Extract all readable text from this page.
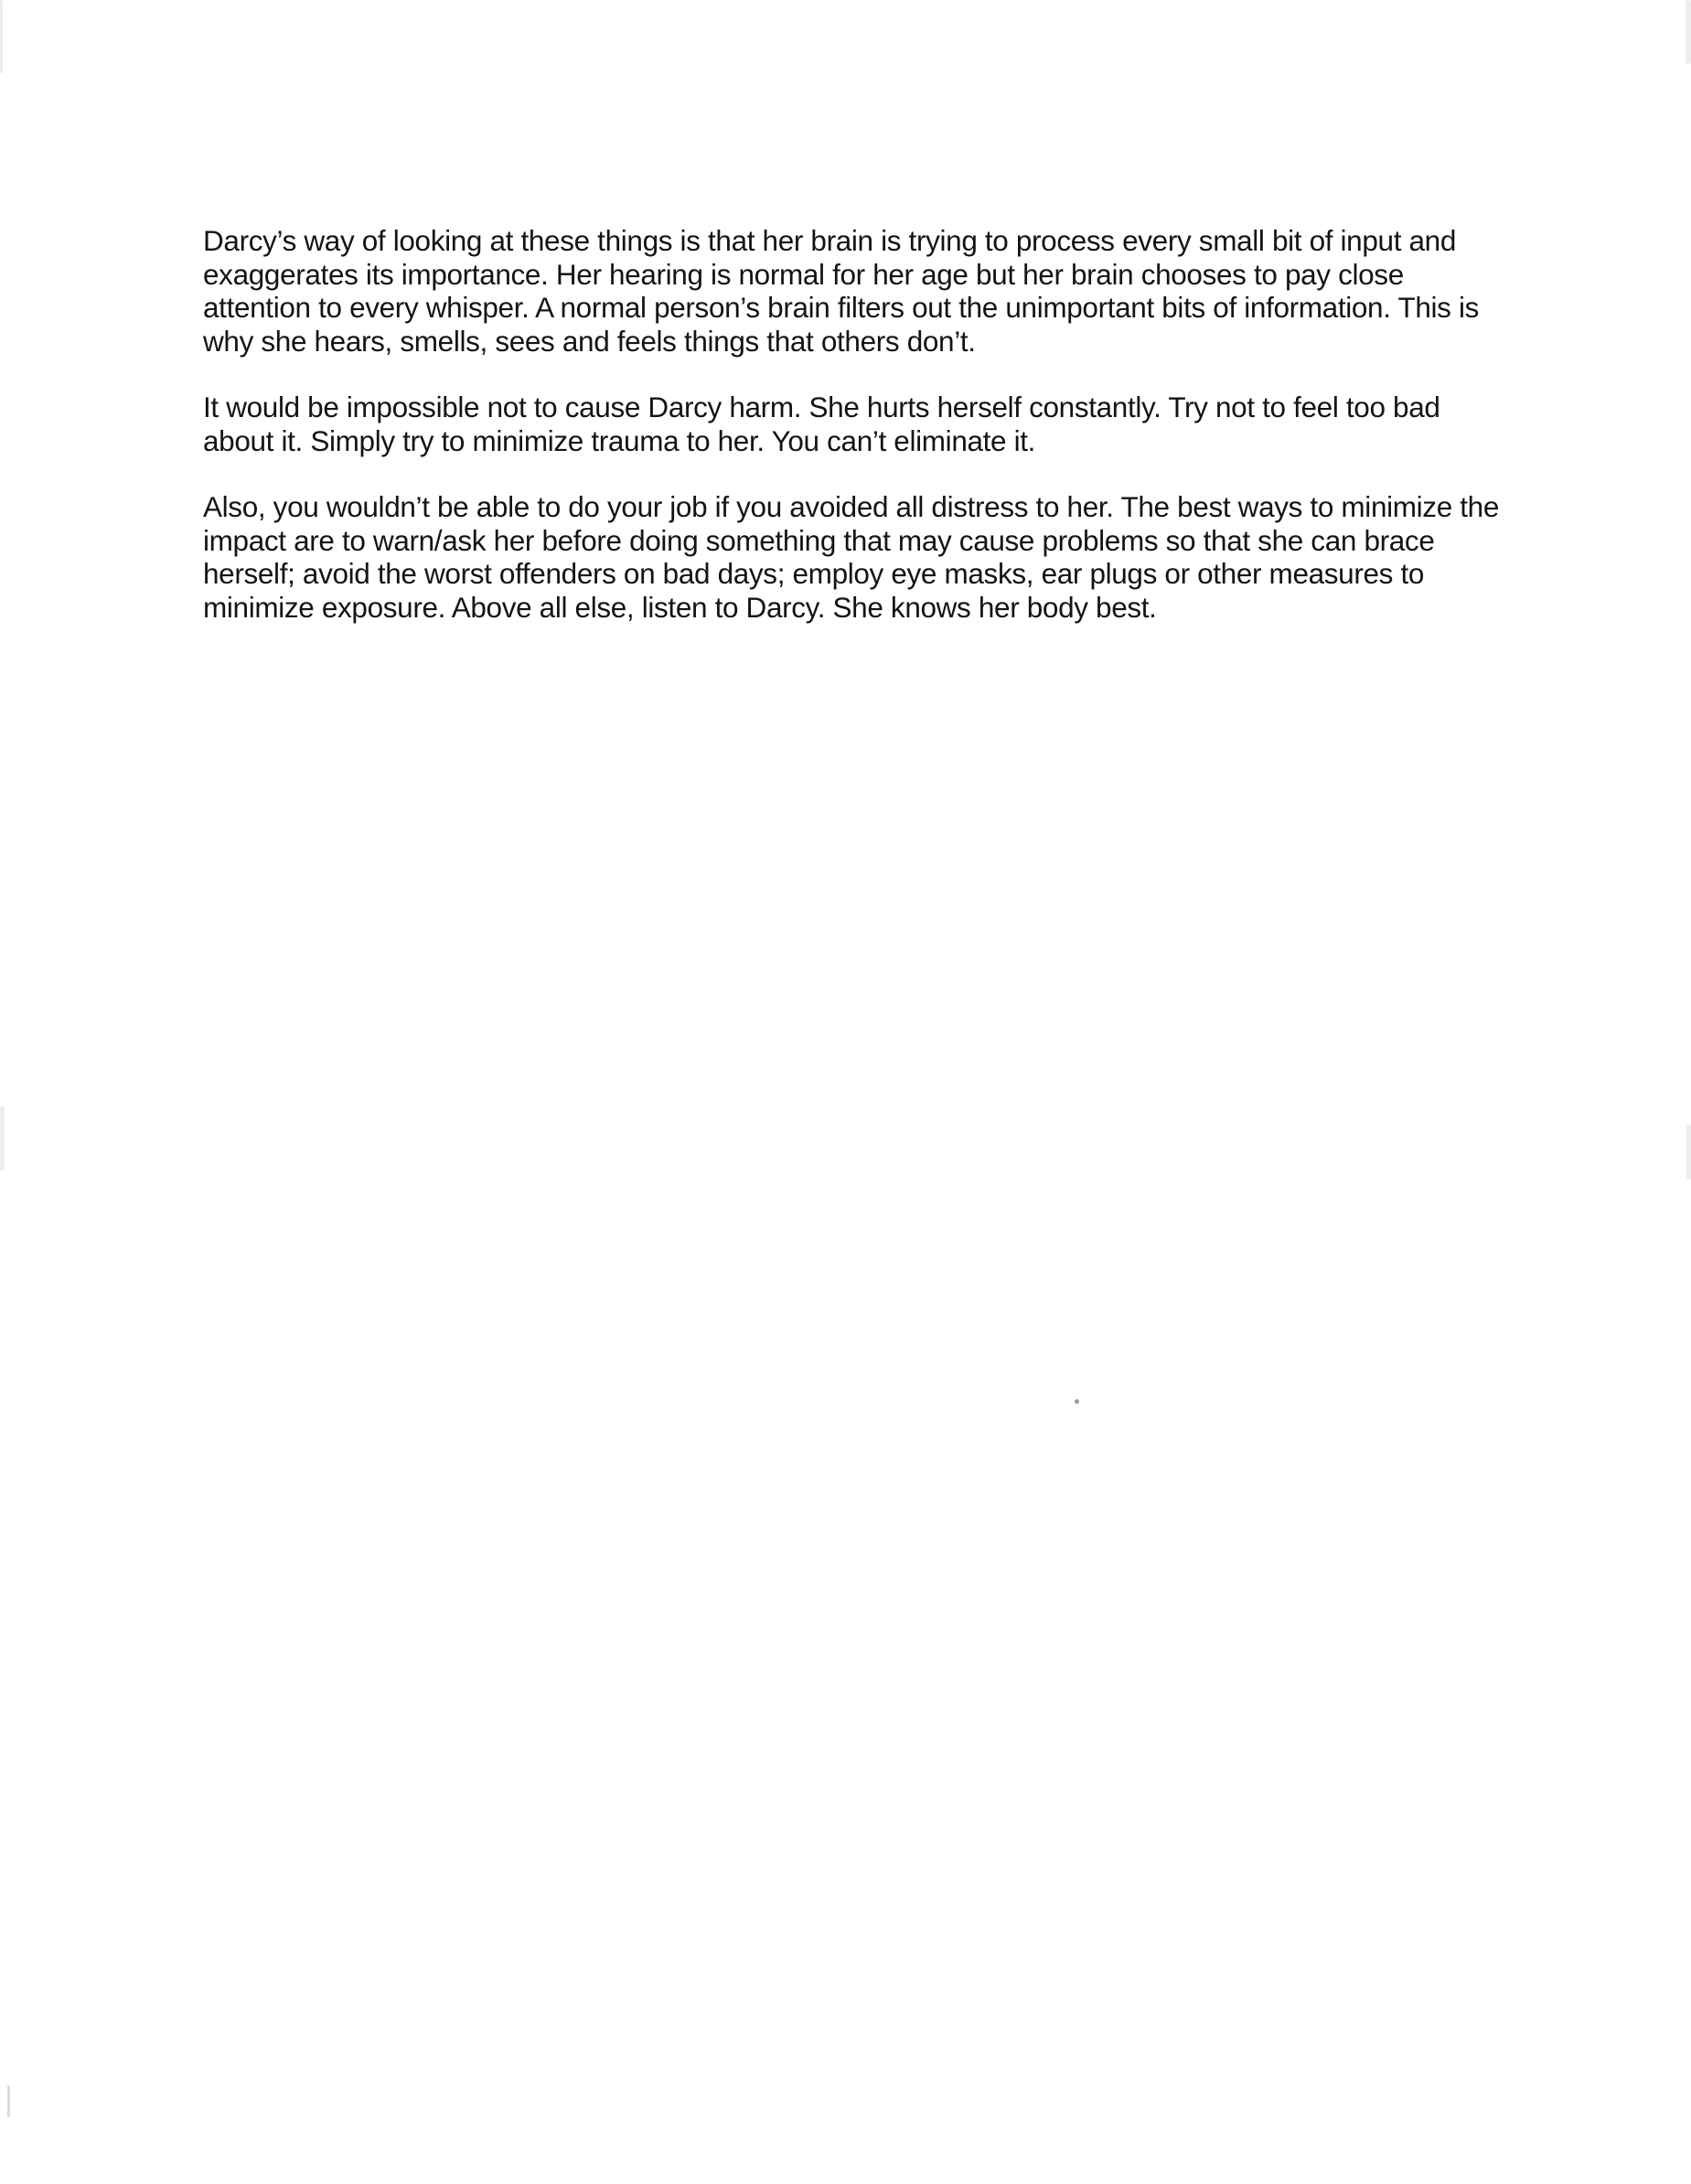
Darcy’s way of looking at these things is that her brain is trying to process every small bit of input and exaggerates its importance. Her hearing is normal for her age but her brain chooses to pay close attention to every whisper. A normal person’s brain filters out the unimportant bits of information. This is why she hears, smells, sees and feels things that others don’t.

It would be impossible not to cause Darcy harm. She hurts herself constantly. Try not to feel too bad about it. Simply try to minimize trauma to her. You can’t eliminate it.

Also, you wouldn’t be able to do your job if you avoided all distress to her. The best ways to minimize the impact are to warn/ask her before doing something that may cause problems so that she can brace herself; avoid the worst offenders on bad days; employ eye masks, ear plugs or other measures to minimize exposure. Above all else, listen to Darcy. She knows her body best.
